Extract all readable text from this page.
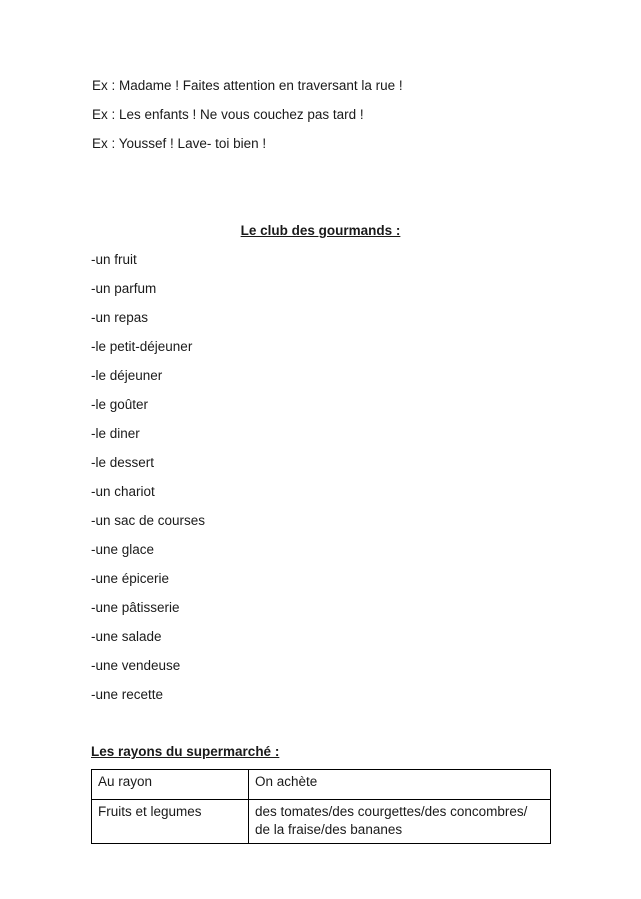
Ex : Madame ! Faites attention en traversant la rue !
Ex : Les enfants ! Ne vous couchez pas tard !
Ex : Youssef ! Lave- toi bien !
Le club des gourmands :
-un fruit
-un parfum
-un repas
-le petit-déjeuner
-le déjeuner
-le goûter
-le diner
-le dessert
-un chariot
-un sac de courses
-une glace
-une épicerie
-une pâtisserie
-une salade
-une vendeuse
-une recette
Les rayons du supermarché :
Au rayon	On achète
Fruits et legumes	des tomates/des courgettes/des concombres/
de la fraise/des bananes
